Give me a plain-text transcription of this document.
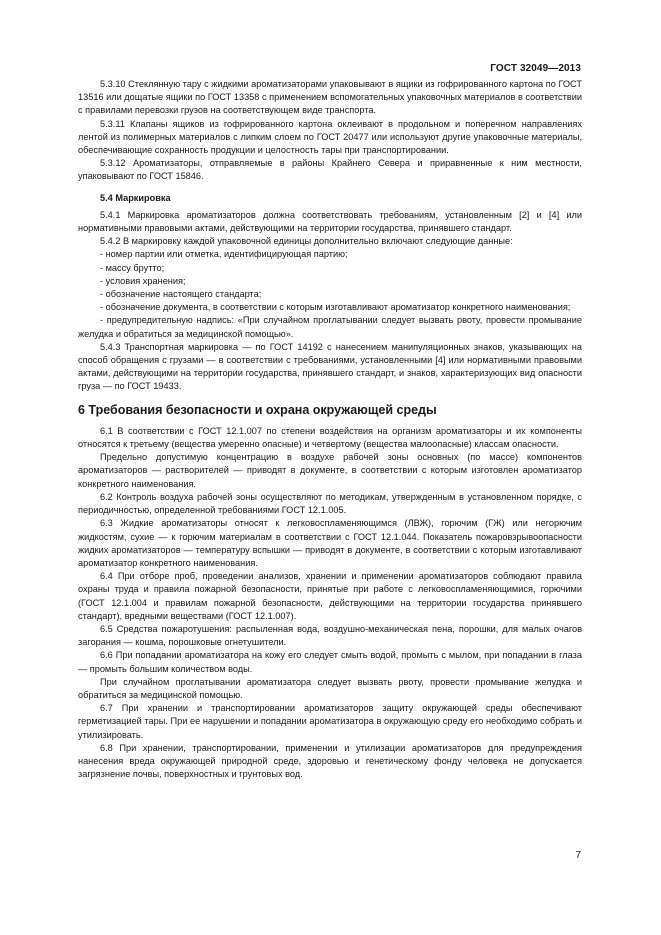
ГОСТ 32049—2013

5.3.10 Стеклянную тару с жидкими ароматизаторами упаковывают в ящики из гофрированного картона по ГОСТ 13516 или дощатые ящики по ГОСТ 13358 с применением вспомогательных упаковочных материалов в соответствии с правилами перевозки грузов на соответствующем виде транспорта.

5.3.11 Клапаны ящиков из гофрированного картона оклеивают в продольном и поперечном направлениях лентой из полимерных материалов с липким слоем по ГОСТ 20477 или используют другие упаковочные материалы, обеспечивающие сохранность продукции и целостность тары при транспортировании.

5.3.12 Ароматизаторы, отправляемые в районы Крайнего Севера и приравненные к ним местности, упаковывают по ГОСТ 15846.

5.4 Маркировка

5.4.1 Маркировка ароматизаторов должна соответствовать требованиям, установленным [2] и [4] или нормативными правовыми актами, действующими на территории государства, принявшего стандарт.

5.4.2 В маркировку каждой упаковочной единицы дополнительно включают следующие данные:

- номер партии или отметка, идентифицирующая партию;

- массу брутто;

- условия хранения;

- обозначение настоящего стандарта;

- обозначение документа, в соответствии с которым изготавливают ароматизатор конкретного наименования;

- предупредительную надпись: «При случайном проглатывании следует вызвать рвоту, провести промывание желудка и обратиться за медицинской помощью».

5.4.3 Транспортная маркировка — по ГОСТ 14192 с нанесением манипуляционных знаков, указывающих на способ обращения с грузами — в соответствии с требованиями, установленными [4] или нормативными правовыми актами, действующими на территории государства, принявшего стандарт, и знаков, характеризующих вид опасности груза — по ГОСТ 19433.

6 Требования безопасности и охрана окружающей среды

6.1 В соответствии с ГОСТ 12.1.007 по степени воздействия на организм ароматизаторы и их компоненты относятся к третьему (вещества умеренно опасные) и четвертому (вещества малоопасные) классам опасности.

Предельно допустимую концентрацию в воздухе рабочей зоны основных (по массе) компонентов ароматизаторов — растворителей — приводят в документе, в соответствии с которым изготовлен ароматизатор конкретного наименования.

6.2 Контроль воздуха рабочей зоны осуществляют по методикам, утвержденным в установленном порядке, с периодичностью, определенной требованиями ГОСТ 12.1.005.

6.3 Жидкие ароматизаторы относят к легковоспламеняющимся (ЛВЖ), горючим (ГЖ) или негорючим жидкостям, сухие — к горючим материалам в соответствии с ГОСТ 12.1.044. Показатель пожаровзрывоопасности жидких ароматизаторов — температуру вспышки — приводят в документе, в соответствии с которым изготавливают ароматизатор конкретного наименования.

6.4 При отборе проб, проведении анализов, хранении и применении ароматизаторов соблюдают правила охраны труда и правила пожарной безопасности, принятые при работе с легковоспламеняющимися, горючими (ГОСТ 12.1.004 и правилам пожарной безопасности, действующими на территории государства принявшего стандарт), вредными веществами (ГОСТ 12.1.007).

6.5 Средства пожаротушения: распыленная вода, воздушно-механическая пена, порошки, для малых очагов загорания — кошма, порошковые огнетушители.

6.6 При попадании ароматизатора на кожу его следует смыть водой, промыть с мылом, при попадании в глаза — промыть большим количеством воды.

При случайном проглатывании ароматизатора следует вызвать рвоту, провести промывание желудка и обратиться за медицинской помощью.

6.7 При хранении и транспортировании ароматизаторов защиту окружающей среды обеспечивают герметизацией тары. При ее нарушении и попадании ароматизатора в окружающую среду его необходимо собрать и утилизировать.

6.8 При хранении, транспортировании, применении и утилизации ароматизаторов для предупреждения нанесения вреда окружающей природной среде, здоровью и генетическому фонду человека не допускается загрязнение почвы, поверхностных и грунтовых вод.

7
